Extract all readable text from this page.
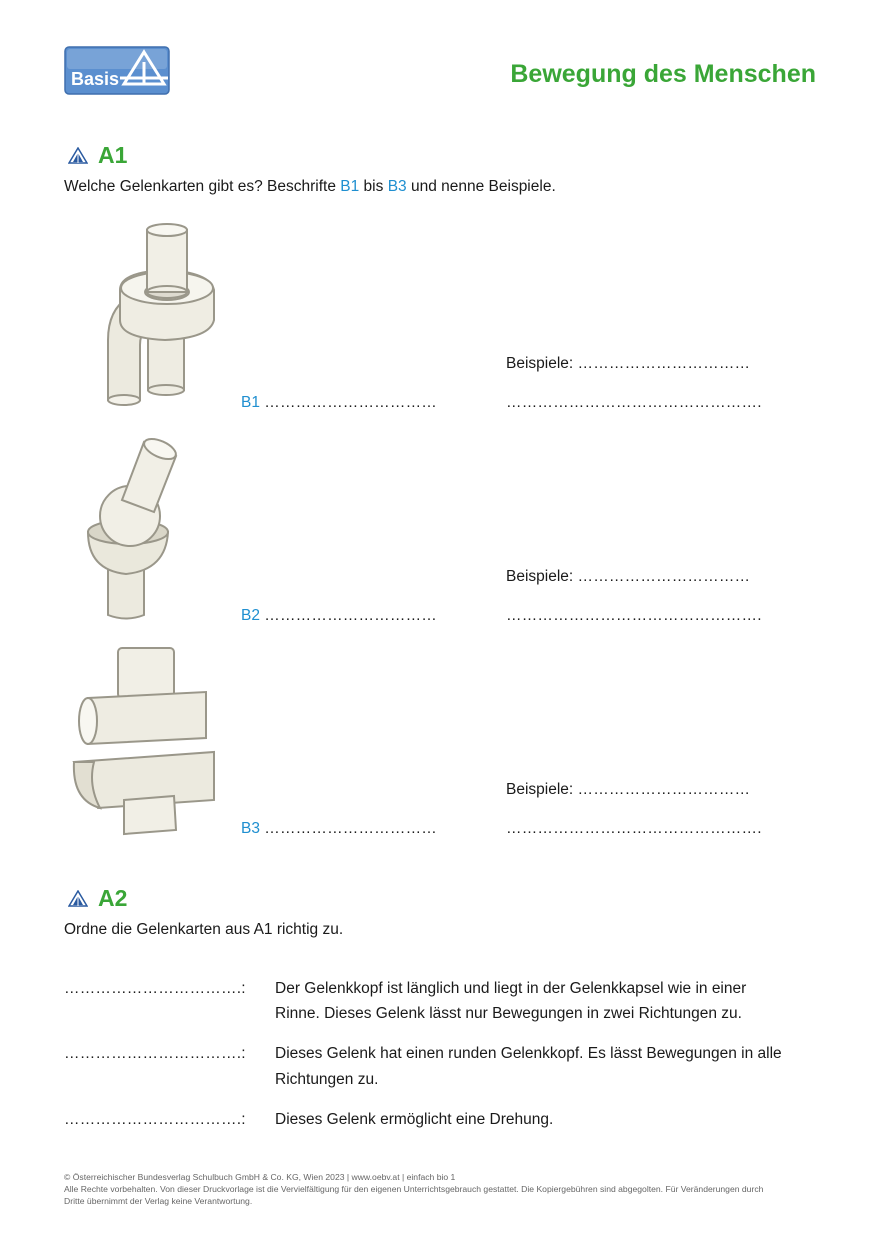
Basis	Bewegung des Menschen
A1
Welche Gelenkarten gibt es? Beschrifte B1 bis B3 und nenne Beispiele.
B1 ……………………………
Beispiele: ……………………………
………………………………………….
B2 ……………………………
Beispiele: ……………………………
………………………………………….
B3 ……………………………
Beispiele: ……………………………
………………………………………….
A2
Ordne die Gelenkarten aus A1 richtig zu.
…………………………….: Der Gelenkkopf ist länglich und liegt in der Gelenkkapsel wie in einer
Rinne. Dieses Gelenk lässt nur Bewegungen in zwei Richtungen zu.
…………………………….: Dieses Gelenk hat einen runden Gelenkkopf. Es lässt Bewegungen in alle
Richtungen zu.
…………………………….: Dieses Gelenk ermöglicht eine Drehung.
© Österreichischer Bundesverlag Schulbuch GmbH & Co. KG, Wien 2023 | www.oebv.at | einfach bio 1
Alle Rechte vorbehalten. Von dieser Druckvorlage ist die Vervielfältigung für den eigenen Unterrichtsgebrauch gestattet. Die Kopiergebühren sind abgegolten. Für Veränderungen durch
Dritte übernimmt der Verlag keine Verantwortung.
